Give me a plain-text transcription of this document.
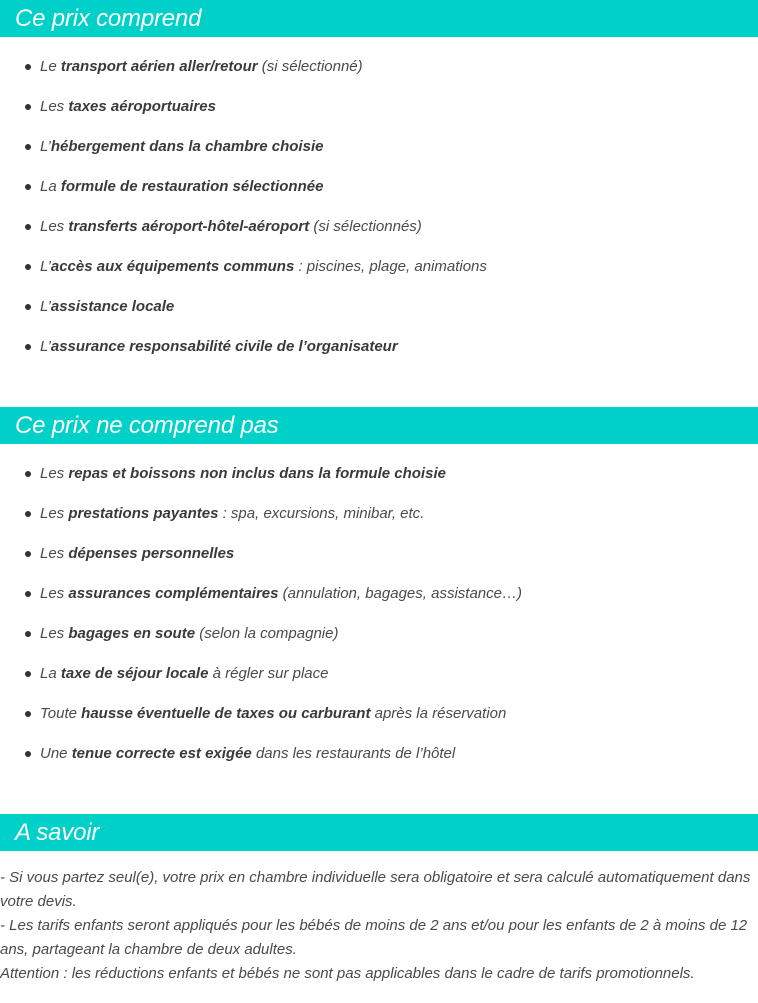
Ce prix comprend
Le transport aérien aller/retour (si sélectionné)
Les taxes aéroportuaires
L’hébergement dans la chambre choisie
La formule de restauration sélectionnée
Les transferts aéroport-hôtel-aéroport (si sélectionnés)
L’accès aux équipements communs : piscines, plage, animations
L’assistance locale
L’assurance responsabilité civile de l’organisateur
Ce prix ne comprend pas
Les repas et boissons non inclus dans la formule choisie
Les prestations payantes : spa, excursions, minibar, etc.
Les dépenses personnelles
Les assurances complémentaires (annulation, bagages, assistance…)
Les bagages en soute (selon la compagnie)
La taxe de séjour locale à régler sur place
Toute hausse éventuelle de taxes ou carburant après la réservation
Une tenue correcte est exigée dans les restaurants de l’hôtel
A savoir

- Si vous partez seul(e), votre prix en chambre individuelle sera obligatoire et sera calculé automatiquement dans votre devis.

- Les tarifs enfants seront appliqués pour les bébés de moins de 2 ans et/ou pour les enfants de 2 à moins de 12 ans, partageant la chambre de deux adultes.

Attention : les réductions enfants et bébés ne sont pas applicables dans le cadre de tarifs promotionnels.
